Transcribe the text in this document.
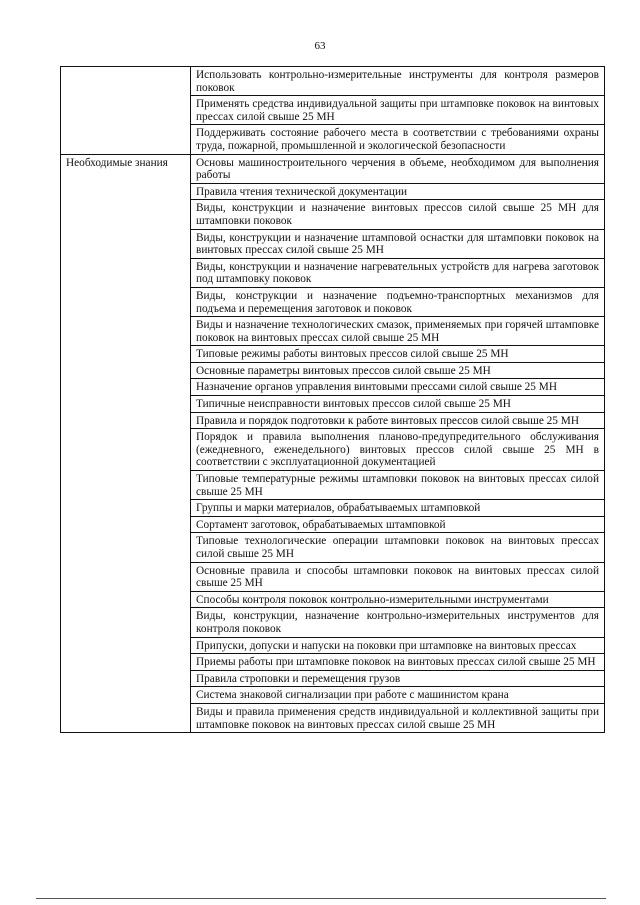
63
	Использовать контрольно-измерительные инструменты для контроля размеров поковок
	Применять средства индивидуальной защиты при штамповке поковок на винтовых прессах силой свыше 25 МН
	Поддерживать состояние рабочего места в соответствии с требованиями охраны труда, пожарной, промышленной и экологической безопасности
Необходимые знания	Основы машиностроительного черчения в объеме, необходимом для выполнения работы
	Правила чтения технической документации
	Виды, конструкции и назначение винтовых прессов силой свыше 25 МН для штамповки поковок
	Виды, конструкции и назначение штамповой оснастки для штамповки поковок на винтовых прессах силой свыше 25 МН
	Виды, конструкции и назначение нагревательных устройств для нагрева заготовок под штамповку поковок
	Виды, конструкции и назначение подъемно-транспортных механизмов для подъема и перемещения заготовок и поковок
	Виды и назначение технологических смазок, применяемых при горячей штамповке поковок на винтовых прессах силой свыше 25 МН
	Типовые режимы работы винтовых прессов силой свыше 25 МН
	Основные параметры винтовых прессов силой свыше 25 МН
	Назначение органов управления винтовыми прессами силой свыше 25 МН
	Типичные неисправности винтовых прессов силой свыше 25 МН
	Правила и порядок подготовки к работе винтовых прессов силой свыше 25 МН
	Порядок и правила выполнения планово-предупредительного обслуживания (ежедневного, еженедельного) винтовых прессов силой свыше 25 МН в соответствии с эксплуатационной документацией
	Типовые температурные режимы штамповки поковок на винтовых прессах силой свыше 25 МН
	Группы и марки материалов, обрабатываемых штамповкой
	Сортамент заготовок, обрабатываемых штамповкой
	Типовые технологические операции штамповки поковок на винтовых прессах силой свыше 25 МН
	Основные правила и способы штамповки поковок на винтовых прессах силой свыше 25 МН
	Способы контроля поковок контрольно-измерительными инструментами
	Виды, конструкции, назначение контрольно-измерительных инструментов для контроля поковок
	Припуски, допуски и напуски на поковки при штамповке на винтовых прессах
	Приемы работы при штамповке поковок на винтовых прессах силой свыше 25 МН
	Правила строповки и перемещения грузов
	Система знаковой сигнализации при работе с машинистом крана
	Виды и правила применения средств индивидуальной и коллективной защиты при штамповке поковок на винтовых прессах силой свыше 25 МН
